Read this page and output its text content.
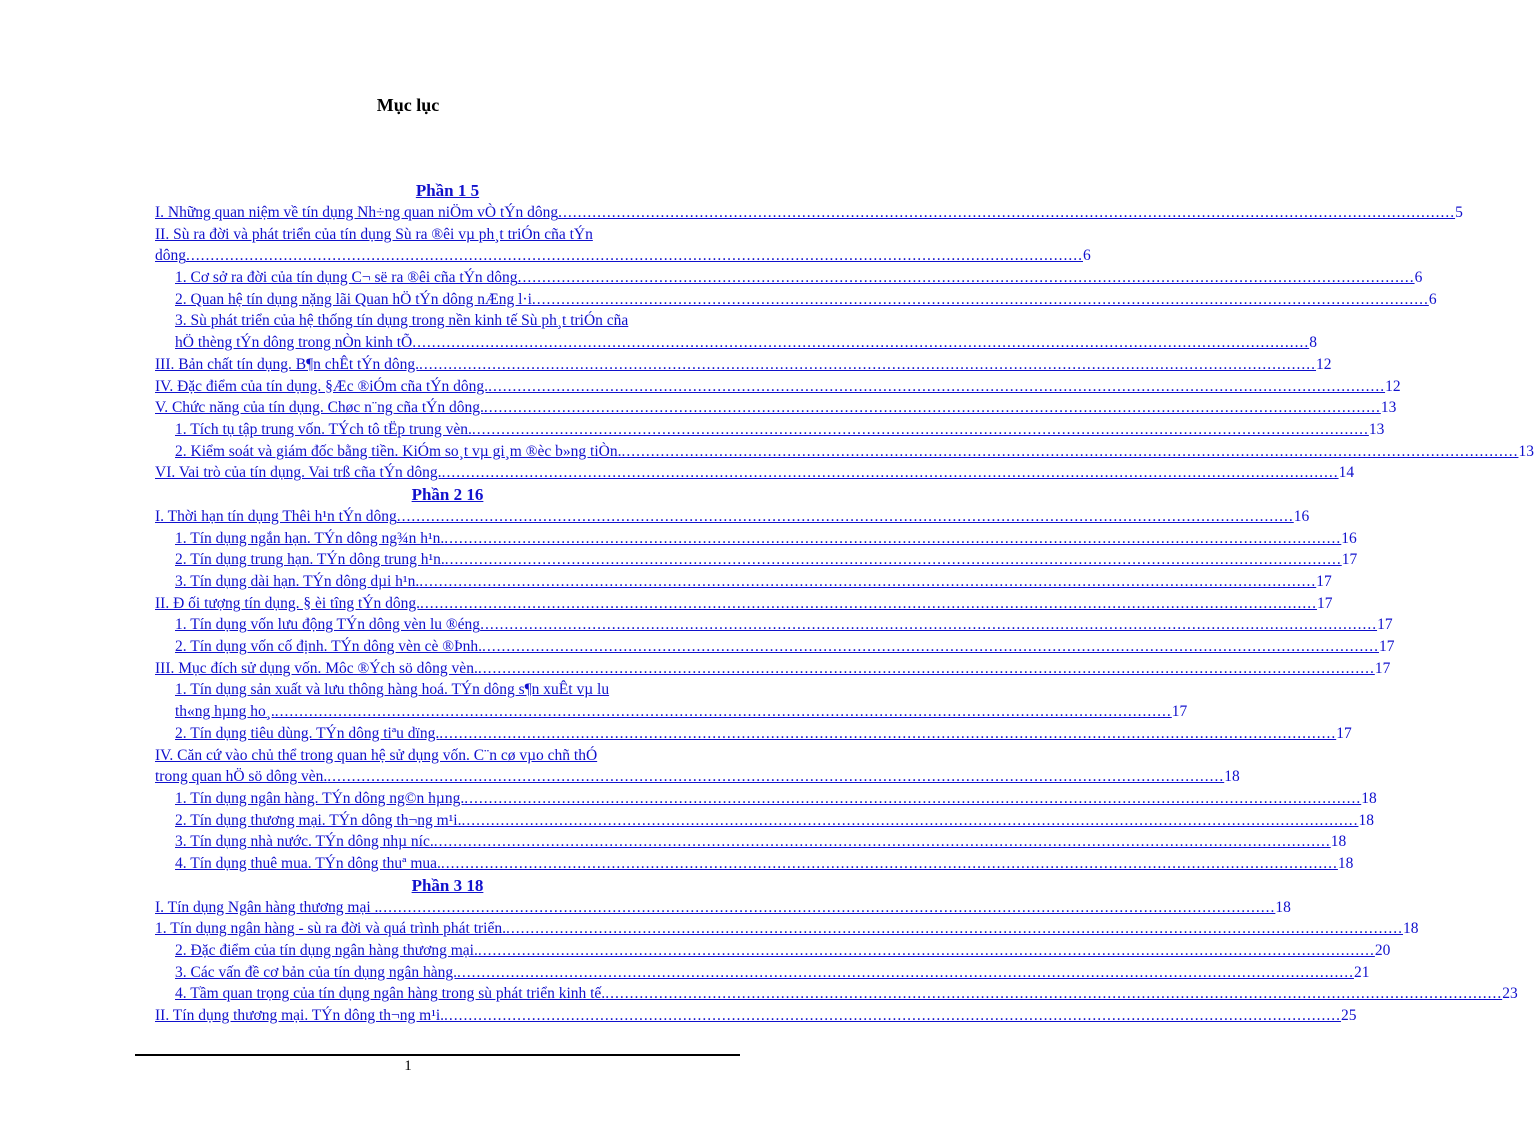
Mục lục
Phần 1 5
I. Những quan niệm về tín dụng Nh÷ng quan niÖm vÒ tÝn dông .....	5
II. Sù ra đời và phát triển của tín dụng Sù ra ®êi vµ ph¸t triÓn cña tÝn
dông .....	6
1. Cơ sở ra đời của tín dụng C¬ së ra ®êi cña tÝn dông .....	6
2. Quan hệ tín dụng nặng lãi Quan hÖ tÝn dông nÆng l·i .....	6
3. Sù phát triển của hệ thống tín dụng trong nền kinh tế Sù ph¸t triÓn cña
hÖ thèng tÝn dông trong nÒn kinh tÕ .....	8
III. Bản chất tín dụng. B¶n chÊt tÝn dông. .....	12
IV. Đặc điểm của tín dụng. §Æc ®iÓm cña tÝn dông. .....	12
V. Chức năng của tín dụng. Chøc n¨ng cña tÝn dông. .....	13
1. Tích tụ tập trung vốn. TÝch tô tËp trung vèn. .....	13
2. Kiểm soát và giám đốc bằng tiền. KiÓm so¸t vµ gi¸m ®èc b»ng tiÒn. .....	13
VI. Vai trò của tín dụng. Vai trß cña tÝn dông. .....	14
Phần 2 16
I. Thời hạn tín dụng Thêi h¹n tÝn dông .....	16
1. Tín dụng ngắn hạn. TÝn dông ng¾n h¹n. .....	16
2. Tín dụng trung hạn. TÝn dông trung h¹n. .....	17
3. Tín dụng dài hạn. TÝn dông dµi h¹n. .....	17
II. Đ ối tượng tín dụng. § èi tîng tÝn dông. .....	17
1. Tín dụng vốn lưu động TÝn dông vèn lu ®éng .....	17
2. Tín dụng vốn cố định. TÝn dông vèn cè ®Þnh. .....	17
III. Mục đích sử dụng vốn. Môc ®Ých sö dông vèn. .....	17
1. Tín dụng sản xuất và lưu thông hàng hoá. TÝn dông s¶n xuÊt vµ lu
th«ng hµng ho¸. .....	17
2. Tín dụng tiêu dùng. TÝn dông tiªu dïng. .....	17
IV. Căn cứ vào chủ thể trong quan hệ sử dụng vốn. C¨n cø vµo chñ thÓ
trong quan hÖ sö dông vèn. .....	18
1. Tín dụng ngân hàng. TÝn dông ng©n hµng. .....	18
2. Tín dụng thương mại. TÝn dông th¬ng m¹i. .....	18
3. Tín dụng nhà nước. TÝn dông nhµ níc. .....	18
4. Tín dụng thuê mua. TÝn dông thuª mua. .....	18
Phần 3 18
I. Tín dụng Ngân hàng thương mại . .....	18
1. Tín dụng ngân hàng - sù ra đời và quá trình phát triển. .....	18
2. Đặc điểm của tín dụng ngân hàng thương mại. .....	20
3. Các vấn đề cơ bản của tín dụng ngân hàng. .....	21
4. Tầm quan trọng của tín dụng ngân hàng trong sù phát triển kinh tế. .....	23
II. Tín dụng thương mại. TÝn dông th¬ng m¹i. .....	25
1
